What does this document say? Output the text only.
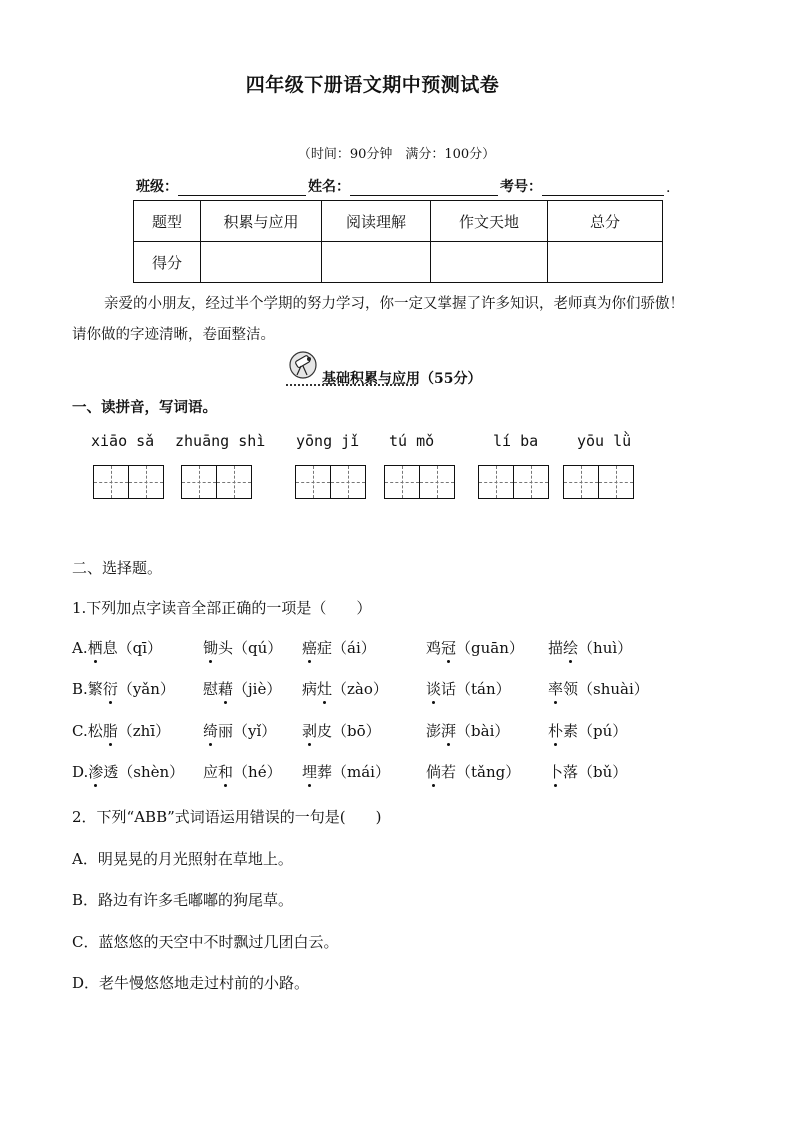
四年级下册语文期中预测试卷
（时间：90分钟　满分：100分）
班级：	姓名：	考号：	.
题型	积累与应用	阅读理解	作文天地	总分
得分				
亲爱的小朋友，经过半个学期的努力学习，你一定又掌握了许多知识，老师真为你们骄傲！
请你做的字迹清晰，卷面整洁。
基础积累与应用（55分）
一、读拼音，写词语。
xiāo sǎ zhuāng shì yōng jǐ tú mǒ	lí ba	yōu lǜ
二、选择题。
1.下列加点字读音全部正确的一项是（　　）
A.栖息（qī）	锄头（qú） 癌症（ái）	鸡冠（guān） 描绘（huì）
B.繁衍（yǎn） 慰藉（jiè） 病灶（zào）	谈话（tán） 率领（shuài）
C.松脂（zhī） 绮丽（yǐ） 剥皮（bō）	澎湃（bài）	朴素（pú）
D.渗透（shèn） 应和（hé） 埋葬（mái） 倘若（tǎng） 卜落（bǔ）
2．下列“ABB”式词语运用错误的一句是(　　)
A．明晃晃的月光照射在草地上。
B．路边有许多毛嘟嘟的狗尾草。
C．蓝悠悠的天空中不时飘过几团白云。
D．老牛慢悠悠地走过村前的小路。
